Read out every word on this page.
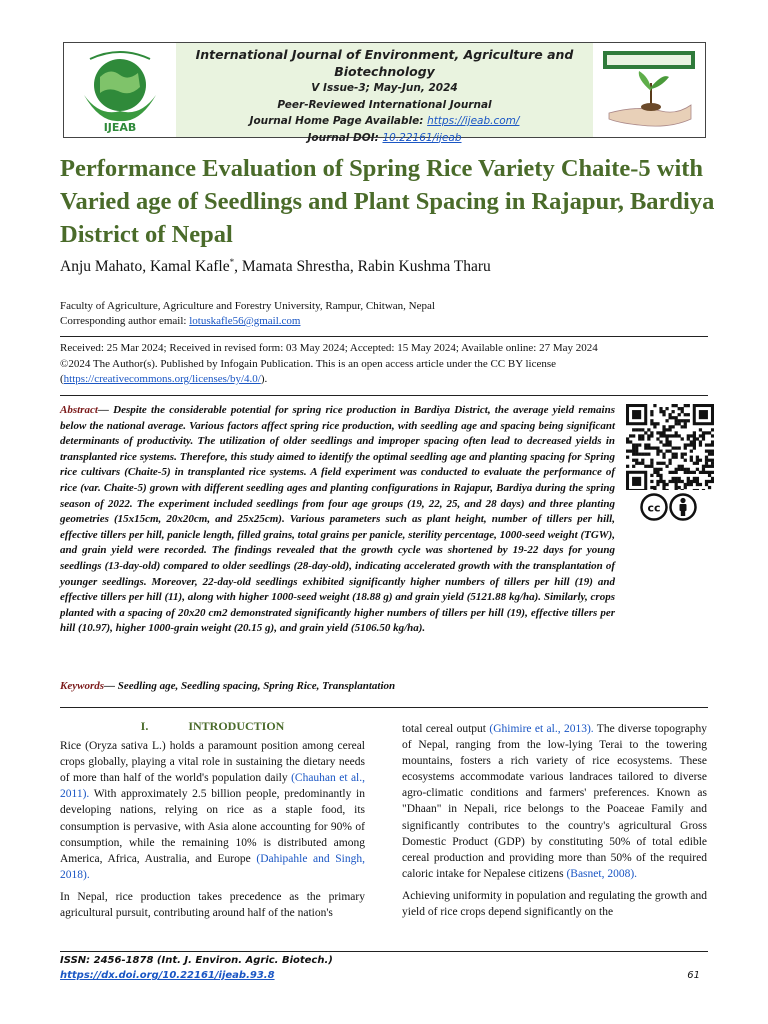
IJEAB
International Journal of Environment, Agriculture and Biotechnology
V Issue-3; May-Jun, 2024
Peer-Reviewed International Journal
Journal Home Page Available: https://ijeab.com/
Journal DOI: 10.22161/ijeab
Performance Evaluation of Spring Rice Variety Chaite-5 with Varied age of Seedlings and Plant Spacing in Rajapur, Bardiya District of Nepal
Anju Mahato, Kamal Kafle*, Mamata Shrestha, Rabin Kushma Tharu
Faculty of Agriculture, Agriculture and Forestry University, Rampur, Chitwan, Nepal
Corresponding author email: lotuskafle56@gmail.com
Received: 25 Mar 2024; Received in revised form: 03 May 2024; Accepted: 15 May 2024; Available online: 27 May 2024
©2024 The Author(s). Published by Infogain Publication. This is an open access article under the CC BY license (https://creativecommons.org/licenses/by/4.0/).
Abstract— Despite the considerable potential for spring rice production in Bardiya District, the average yield remains below the national average. Various factors affect spring rice production, with seedling age and spacing being significant determinants of productivity. The utilization of older seedlings and improper spacing often lead to decreased yields in transplanted rice systems. Therefore, this study aimed to identify the optimal seedling age and planting spacing for Spring rice cultivars (Chaite-5) in transplanted rice systems. A field experiment was conducted to evaluate the performance of rice (var. Chaite-5) grown with different seedling ages and planting configurations in Rajapur, Bardiya during the spring season of 2022. The experiment included seedlings from four age groups (19, 22, 25, and 28 days) and three planting geometries (15x15cm, 20x20cm, and 25x25cm). Various parameters such as plant height, number of tillers per hill, effective tillers per hill, panicle length, filled grains, total grains per panicle, sterility percentage, 1000-seed weight (TGW), and grain yield were recorded. The findings revealed that the growth cycle was shortened by 19-22 days for young seedlings (13-day-old) compared to older seedlings (28-day-old), indicating accelerated growth with the transplantation of younger seedlings. Moreover, 22-day-old seedlings exhibited significantly higher numbers of tillers per hill (19) and effective tillers per hill (11), along with higher 1000-seed weight (18.88 g) and grain yield (5121.88 kg/ha). Similarly, crops planted with a spacing of 20x20 cm2 demonstrated significantly higher numbers of tillers per hill (19), effective tillers per hill (10.97), higher 1000-grain weight (20.15 g), and grain yield (5106.50 kg/ha).
cc
Keywords— Seedling age, Seedling spacing, Spring Rice, Transplantation
I.	INTRODUCTION

Rice (Oryza sativa L.) holds a paramount position among cereal crops globally, playing a vital role in sustaining the dietary needs of more than half of the world's population daily (Chauhan et al., 2011). With approximately 2.5 billion people, predominantly in developing nations, relying on rice as a staple food, its consumption is pervasive, with Asia alone accounting for 90% of consumption, while the remaining 10% is distributed among America, Africa, Australia, and Europe (Dahipahle and Singh, 2018).

In Nepal, rice production takes precedence as the primary agricultural pursuit, contributing around half of the nation's

total cereal output (Ghimire et al., 2013). The diverse topography of Nepal, ranging from the low-lying Terai to the towering mountains, fosters a rich variety of rice ecosystems. These ecosystems accommodate various landraces tailored to diverse agro-climatic conditions and farmers' preferences. Known as "Dhaan" in Nepali, rice belongs to the Poaceae Family and significantly contributes to the country's agricultural Gross Domestic Product (GDP) by constituting 50% of total edible cereal production and providing more than 50% of the required caloric intake for Nepalese citizens (Basnet, 2008).

Achieving uniformity in population and regulating the growth and yield of rice crops depend significantly on the

ISSN: 2456-1878 (Int. J. Environ. Agric. Biotech.)
https://dx.doi.org/10.22161/ijeab.93.8	61
